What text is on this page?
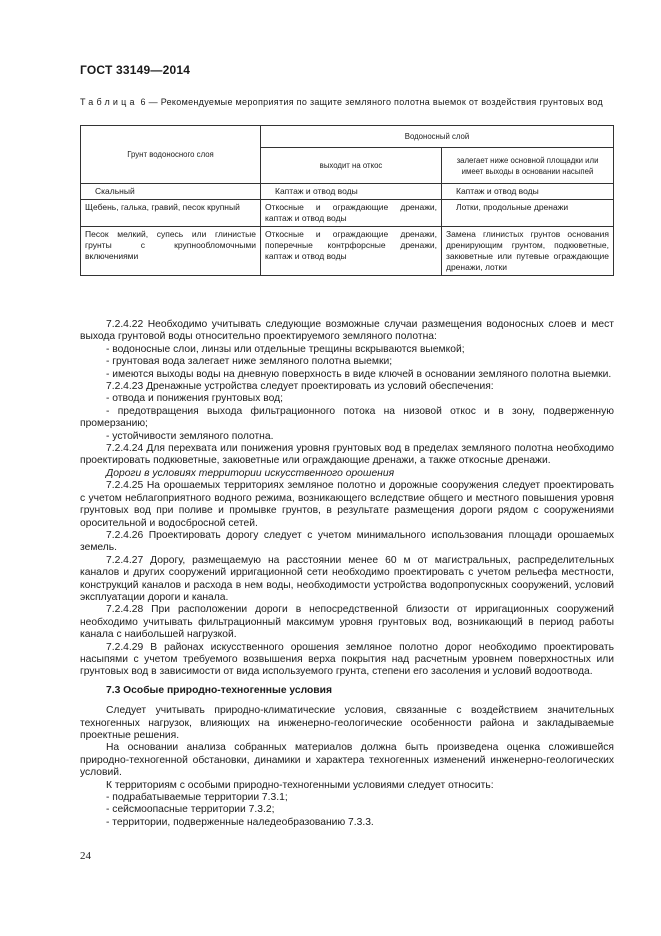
ГОСТ 33149—2014
Таблица 6 — Рекомендуемые мероприятия по защите земляного полотна выемок от воздействия грунтовых вод
Грунт водоносного слоя	Водоносный слой	
	выходит на откос	залегает ниже основной площадки или имеет выходы в основании насыпей
Скальный	Каптаж и отвод воды	Каптаж и отвод воды
Щебень, галька, гравий, песок крупный	Откосные и ограждающие дренажи, каптаж и отвод воды	Лотки, продольные дренажи
Песок мелкий, супесь или глинистые грунты с крупнообломочными включениями	Откосные и ограждающие дренажи, поперечные контрфорсные дренажи, каптаж и отвод воды	Замена глинистых грунтов основания дренирующим грунтом, подкюветные, закюветные или путевые ограждающие дренажи, лотки

7.2.4.22 Необходимо учитывать следующие возможные случаи размещения водоносных слоев и мест выхода грунтовой воды относительно проектируемого земляного полотна:

- водоносные слои, линзы или отдельные трещины вскрываются выемкой;

- грунтовая вода залегает ниже земляного полотна выемки;

- имеются выходы воды на дневную поверхность в виде ключей в основании земляного полотна выемки.

7.2.4.23 Дренажные устройства следует проектировать из условий обеспечения:

- отвода и понижения грунтовых вод;

- предотвращения выхода фильтрационного потока на низовой откос и в зону, подверженную промерзанию;

- устойчивости земляного полотна.

7.2.4.24 Для перехвата или понижения уровня грунтовых вод в пределах земляного полотна необходимо проектировать подкюветные, закюветные или ограждающие дренажи, а также откосные дренажи.

Дороги в условиях территории искусственного орошения

7.2.4.25 На орошаемых территориях земляное полотно и дорожные сооружения следует проектировать с учетом неблагоприятного водного режима, возникающего вследствие общего и местного повышения уровня грунтовых вод при поливе и промывке грунтов, в результате размещения дороги рядом с сооружениями оросительной и водосбросной сетей.

7.2.4.26 Проектировать дорогу следует с учетом минимального использования площади орошаемых земель.

7.2.4.27 Дорогу, размещаемую на расстоянии менее 60 м от магистральных, распределительных каналов и других сооружений ирригационной сети необходимо проектировать с учетом рельефа местности, конструкций каналов и расхода в нем воды, необходимости устройства водопропускных сооружений, условий эксплуатации дороги и канала.

7.2.4.28 При расположении дороги в непосредственной близости от ирригационных сооружений необходимо учитывать фильтрационный максимум уровня грунтовых вод, возникающий в период работы канала с наибольшей нагрузкой.

7.2.4.29 В районах искусственного орошения земляное полотно дорог необходимо проектировать насыпями с учетом требуемого возвышения верха покрытия над расчетным уровнем поверхностных или грунтовых вод в зависимости от вида используемого грунта, степени его засоления и условий водоотвода.

7.3 Особые природно-техногенные условия

Следует учитывать природно-климатические условия, связанные с воздействием значительных техногенных нагрузок, влияющих на инженерно-геологические особенности района и закладываемые проектные решения.

На основании анализа собранных материалов должна быть произведена оценка сложившейся природно-техногенной обстановки, динамики и характера техногенных изменений инженерно-геологических условий.

К территориям с особыми природно-техногенными условиями следует относить:

- подрабатываемые территории 7.3.1;

- сейсмоопасные территории 7.3.2;

- территории, подверженные наледеобразованию 7.3.3.

24
